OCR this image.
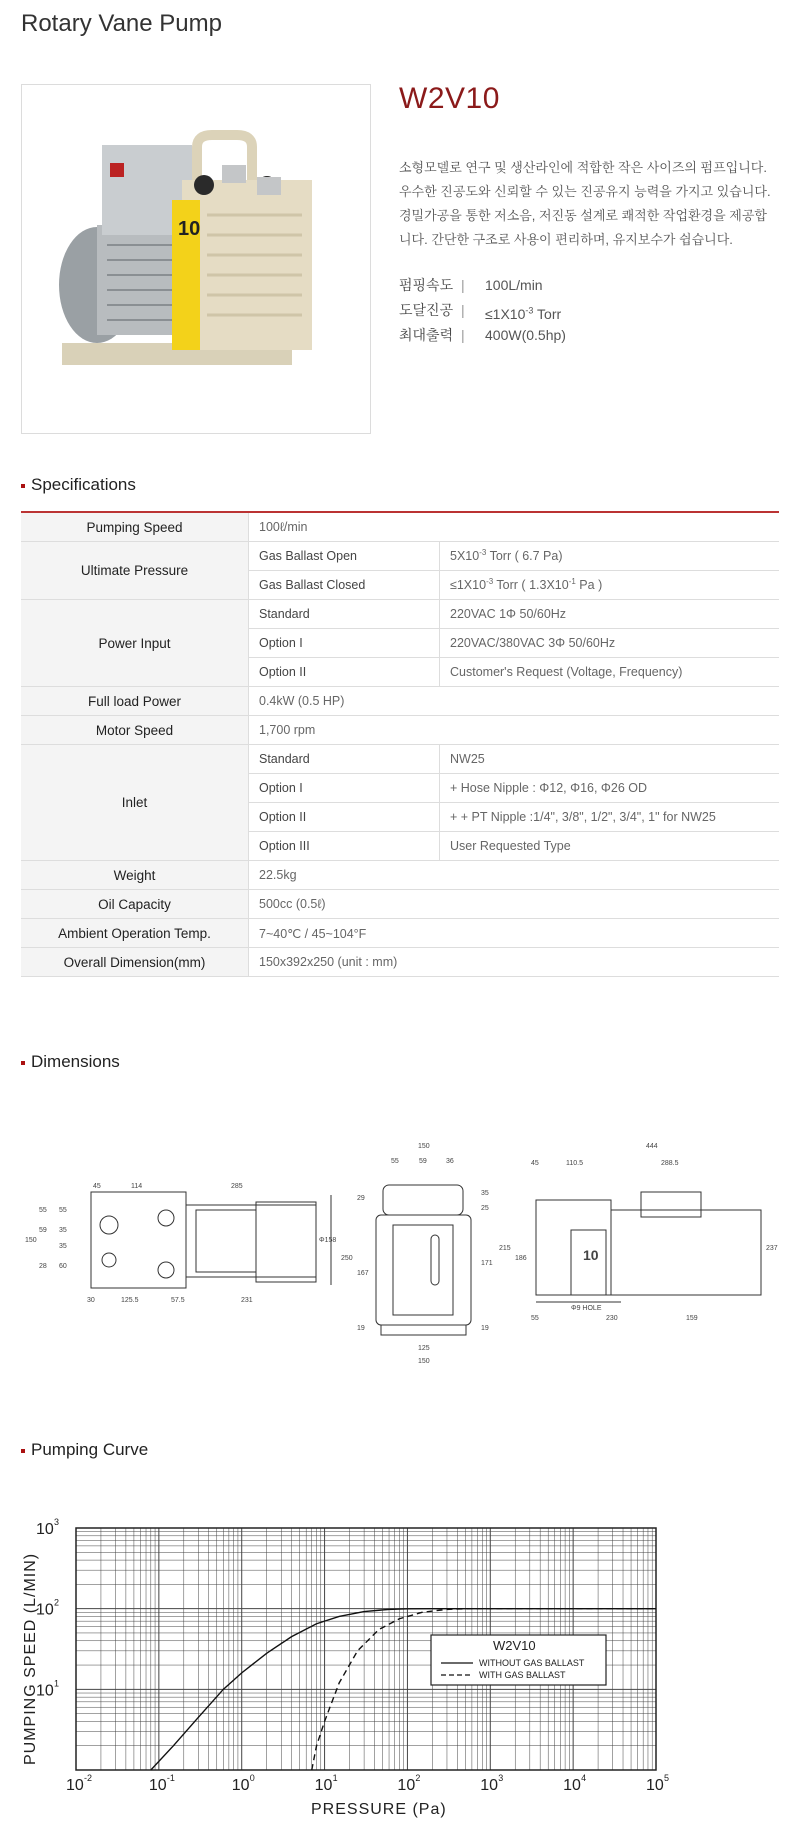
Rotary Vane Pump
10
W2V10
소형모델로 연구 및 생산라인에 적합한 작은 사이즈의 펌프입니다. 우수한 진공도와 신뢰할 수 있는 진공유지 능력을 가지고 있습니다. 경밀가공을 통한 저소음, 저진동 설계로 쾌적한 작업환경을 제공합니다. 간단한 구조로 사용이 편리하며, 유지보수가 쉽습니다.
펌핑속도 | 100L/min
도달진공 | $\le 1X10^{-3}$ Torr
최대출력 | 400W(0.5hp)
Specifications
Pumping Speed	100ℓ/min	
Ultimate Pressure	Gas Ballast Open	$5X10^{-3}$ Torr ( 6.7 Pa)
	Gas Ballast Closed	$\le 1X10^{-3}$ Torr ( $1.3X10^{-1}$ Pa )
Power Input	Standard	220VAC 1Φ 50/60Hz
	Option I	220VAC/380VAC 3Φ 50/60Hz
	Option II	Customer's Request (Voltage, Frequency)
Full load Power	0.4kW (0.5 HP)	
Motor Speed	1,700 rpm	
Inlet	Standard	NW25
	Option I	+ Hose Nipple : Φ12, Φ16, Φ26 OD
	Option II	+ + PT Nipple :1/4", 3/8", 1/2", 3/4", 1" for NW25
	Option III	User Requested Type
Weight	22.5kg	
Oil Capacity	500cc (0.5ℓ)	
Ambient Operation Temp.	7~40℃ / 45~104°F	
Overall Dimension(mm)	150x392x250 (unit : mm)	
Dimensions
45	114	285
150
55 55
59 35
35
28 60
30	125.5	57.5	231
Φ158
150
55	59	36
29
250
167
19
35
25
171
19
125
150
10
444
45	110.5	288.5
215
186
237
55	230	159
Φ9 HOLE
Pumping Curve
10 -2	10 -1	10 0	10 1	10 2	10 3	10 4	10 5
10 3
10 2
10 1
PRESSURE (Pa)
PUMPING SPEED (L/MIN)	W2V10
WITHOUT GAS BALLAST
WITH GAS BALLAST
